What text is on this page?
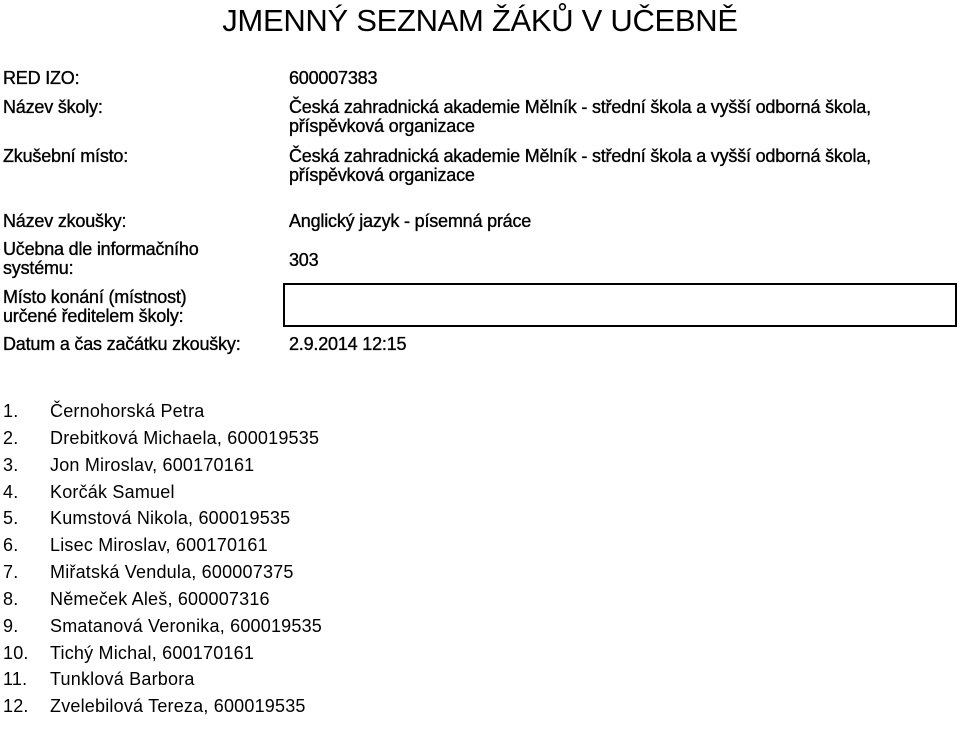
JMENNÝ SEZNAM ŽÁKŮ V UČEBNĚ
RED IZO:	600007383
Název školy:	Česká zahradnická akademie Mělník - střední škola a vyšší odborná škola,
příspěvková organizace
Zkušební místo:	Česká zahradnická akademie Mělník - střední škola a vyšší odborná škola,
příspěvková organizace
Název zkoušky:	Anglický jazyk - písemná práce
Učebna dle informačního
systému:	303
Místo konání (místnost)
určené ředitelem školy:
Datum a čas začátku zkoušky:	2.9.2014 12:15
1. Černohorská Petra
2. Drebitková Michaela, 600019535
3. Jon Miroslav, 600170161
4. Korčák Samuel
5. Kumstová Nikola, 600019535
6. Lisec Miroslav, 600170161
7. Miřatská Vendula, 600007375
8. Němeček Aleš, 600007316
9. Smatanová Veronika, 600019535
10. Tichý Michal, 600170161
11. Tunklová Barbora
12. Zvelebilová Tereza, 600019535
